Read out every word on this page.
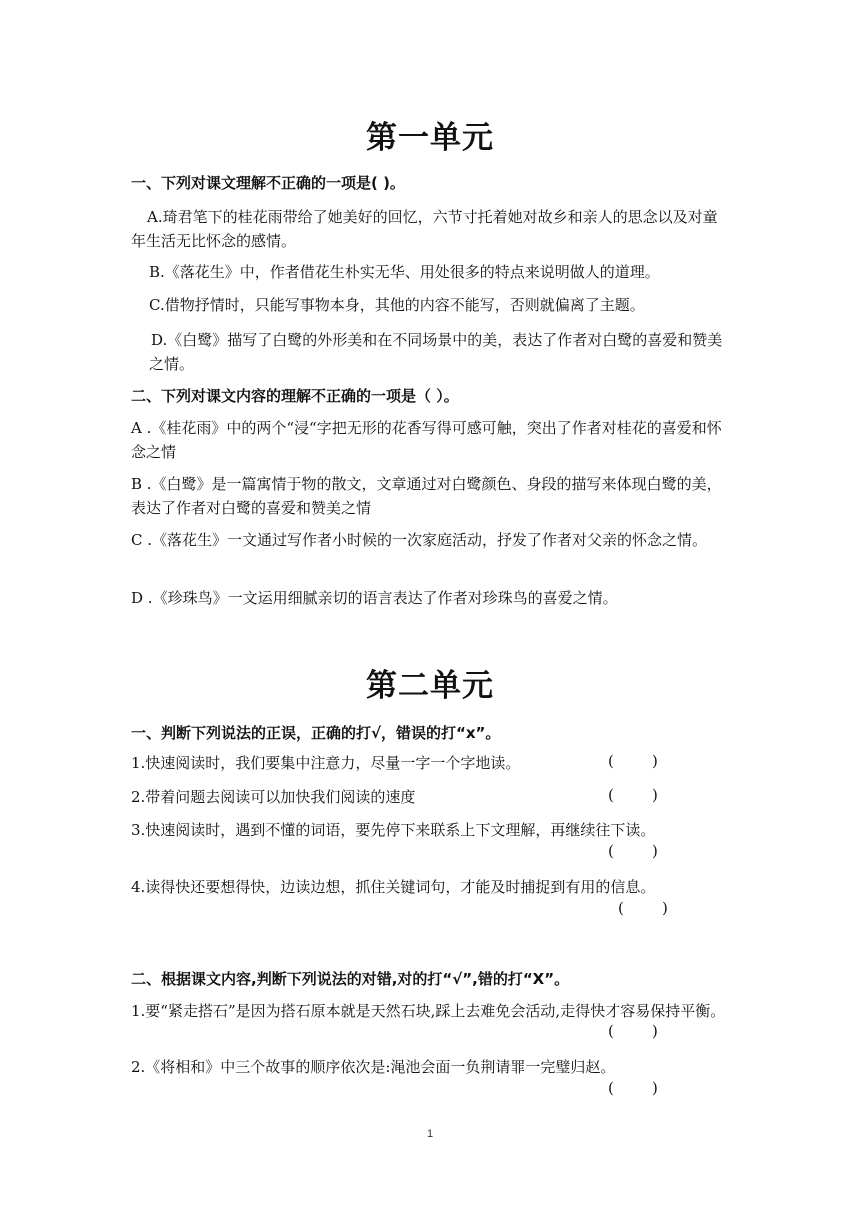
第一单元
一、下列对课文理解不正确的一项是( )。
A.琦君笔下的桂花雨带给了她美好的回忆，六节寸托着她对故乡和亲人的思念以及对童年生活无比怀念的感情。
B.《落花生》中，作者借花生朴实无华、用处很多的特点来说明做人的道理。
C.借物抒情时，只能写事物本身，其他的内容不能写，否则就偏离了主题。
D.《白鹭》描写了白鹭的外形美和在不同场景中的美，表达了作者对白鹭的喜爱和赞美之情。
二、下列对课文内容的理解不正确的一项是（ ）。
A .《桂花雨》中的两个“浸“字把无形的花香写得可感可触，突出了作者对桂花的喜爱和怀念之情
B .《白鹭》是一篇寓情于物的散文，文章通过对白鹭颜色、身段的描写来体现白鹭的美，表达了作者对白鹭的喜爱和赞美之情
C .《落花生》一文通过写作者小时候的一次家庭活动，抒发了作者对父亲的怀念之情。
D .《珍珠鸟》一文运用细腻亲切的语言表达了作者对珍珠鸟的喜爱之情。
第二单元
一、判断下列说法的正误，正确的打√，错误的打“x”。
1.快速阅读时，我们要集中注意力，尽量一字一个字地读。	(        )
2.带着问题去阅读可以加快我们阅读的速度	(        )
3.快速阅读时，遇到不懂的词语，要先停下来联系上下文理解，再继续往下读。
(        )
4.读得快还要想得快，边读边想，抓住关键词句，才能及时捕捉到有用的信息。
(        )
二、根据课文内容,判断下列说法的对错,对的打“√”,错的打“X”。
1.要“紧走搭石”是因为搭石原本就是天然石块,踩上去难免会活动,走得快才容易保持平衡。
(        )
2.《将相和》中三个故事的顺序依次是:渑池会面一负荆请罪一完璧归赵。
(        )
1
